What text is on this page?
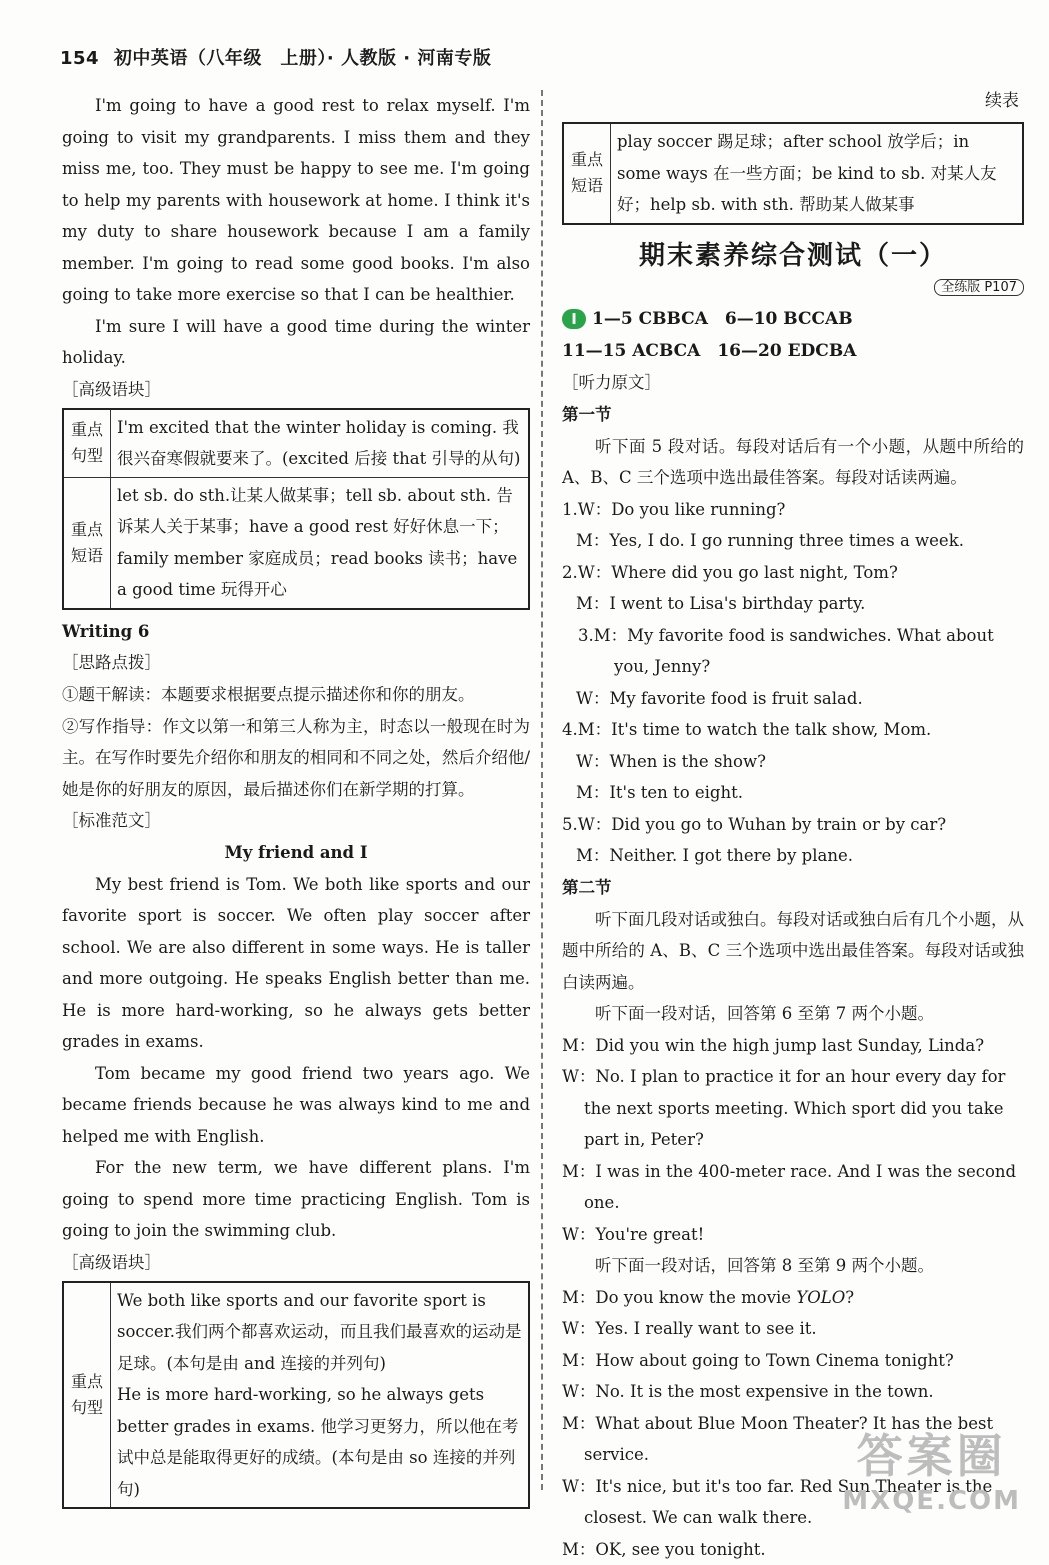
154 初中英语（八年级　上册）· 人教版 · 河南专版
续表

I'm going to have a good rest to relax myself. I'm going to visit my grandparents. I miss them and they miss me, too. They must be happy to see me. I'm going to help my parents with housework at home. I think it's my duty to share housework because I am a family member. I'm going to read some good books. I'm also going to take more exercise so that I can be healthier.

I'm sure I will have a good time during the winter holiday.

［高级语块］

重点句型	I'm excited that the winter holiday is coming. 我很兴奋寒假就要来了。(excited 后接 that 引导的从句)
重点短语	let sb. do sth.让某人做某事；tell sb. about sth. 告诉某人关于某事；have a good rest 好好休息一下；family member 家庭成员；read books 读书；have a good time 玩得开心

Writing 6

［思路点拨］

①题干解读：本题要求根据要点提示描述你和你的朋友。

②写作指导：作文以第一和第三人称为主，时态以一般现在时为主。在写作时要先介绍你和朋友的相同和不同之处，然后介绍他/她是你的好朋友的原因，最后描述你们在新学期的打算。

［标准范文］

My friend and I

My best friend is Tom. We both like sports and our favorite sport is soccer. We often play soccer after school. We are also different in some ways. He is taller and more outgoing. He speaks English better than me. He is more hard-working, so he always gets better grades in exams.

Tom became my good friend two years ago. We became friends because he was always kind to me and helped me with English.

For the new term, we have different plans. I'm going to spend more time practicing English. Tom is going to join the swimming club.

［高级语块］

重点句型	
We both like sports and our favorite sport is soccer.我们两个都喜欢运动，而且我们最喜欢的运动是足球。(本句是由 and 连接的并列句)
He is more hard-working, so he always gets better grades in exams. 他学习更努力，所以他在考试中总是能取得更好的成绩。(本句是由 so 连接的并列句)
重点短语	play soccer 踢足球；after school 放学后；in some ways 在一些方面；be kind to sb. 对某人友好；help sb. with sth. 帮助某人做某事
期末素养综合测试（一）
全练版 P107

Ⅰ 1—5 CBBCA　6—10 BCCAB

11—15 ACBCA　16—20 EDCBA

［听力原文］

第一节

听下面 5 段对话。每段对话后有一个小题，从题中所给的 A、B、C 三个选项中选出最佳答案。每段对话读两遍。

1.W：Do you like running?

M：Yes, I do. I go running three times a week.

2.W：Where did you go last night, Tom?

M：I went to Lisa's birthday party.

3.M：My favorite food is sandwiches. What about you, Jenny?

W：My favorite food is fruit salad.

4.M：It's time to watch the talk show, Mom.

W：When is the show?

M：It's ten to eight.

5.W：Did you go to Wuhan by train or by car?

M：Neither. I got there by plane.

第二节

听下面几段对话或独白。每段对话或独白后有几个小题，从题中所给的 A、B、C 三个选项中选出最佳答案。每段对话或独白读两遍。

听下面一段对话，回答第 6 至第 7 两个小题。

M：Did you win the high jump last Sunday, Linda?

W：No. I plan to practice it for an hour every day for the next sports meeting. Which sport did you take part in, Peter?

M：I was in the 400-meter race. And I was the second one.

W：You're great!

听下面一段对话，回答第 8 至第 9 两个小题。

M：Do you know the movie YOLO?

W：Yes. I really want to see it.

M：How about going to Town Cinema tonight?

W：No. It is the most expensive in the town.

M：What about Blue Moon Theater? It has the best service.

W：It's nice, but it's too far. Red Sun Theater is the closest. We can walk there.

M：OK, see you tonight.

答案圈
MXQE.COM
